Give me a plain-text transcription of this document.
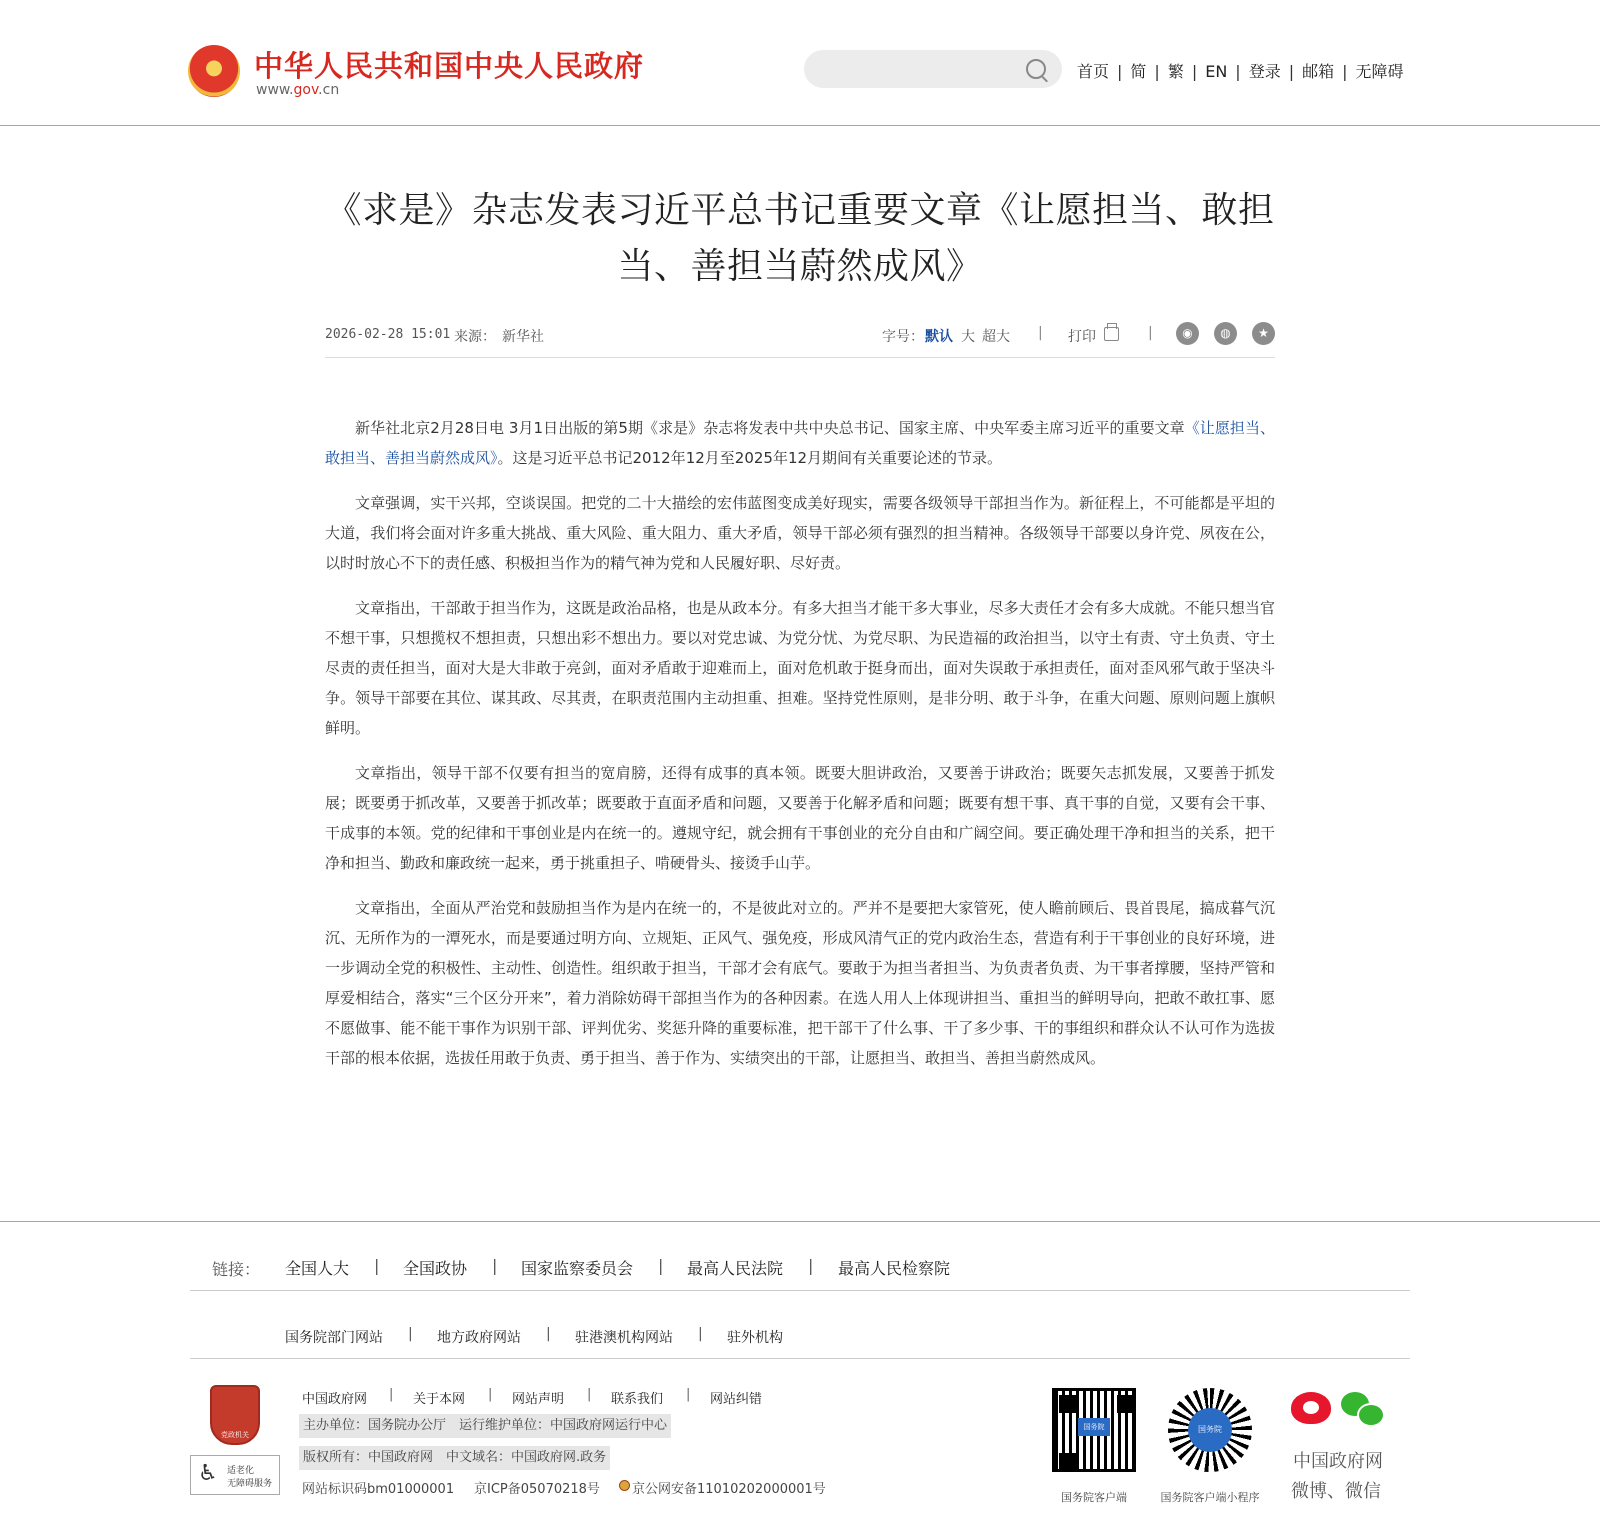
中华人民共和国中央人民政府
www.gov.cn
首页 | 简 | 繁 | EN | 登录 | 邮箱 | 无障碍
《求是》杂志发表习近平总书记重要文章《让愿担当、敢担当、善担当蔚然成风》
2026-02-28 15:01 来源： 新华社	字号： 默认 大 超大 | 打印	|	◉	◍	★

新华社北京2月28日电 3月1日出版的第5期《求是》杂志将发表中共中央总书记、国家主席、中央军委主席习近平的重要文章《让愿担当、敢担当、善担当蔚然成风》。这是习近平总书记2012年12月至2025年12月期间有关重要论述的节录。

文章强调，实干兴邦，空谈误国。把党的二十大描绘的宏伟蓝图变成美好现实，需要各级领导干部担当作为。新征程上，不可能都是平坦的大道，我们将会面对许多重大挑战、重大风险、重大阻力、重大矛盾，领导干部必须有强烈的担当精神。各级领导干部要以身许党、夙夜在公，以时时放心不下的责任感、积极担当作为的精气神为党和人民履好职、尽好责。

文章指出，干部敢于担当作为，这既是政治品格，也是从政本分。有多大担当才能干多大事业，尽多大责任才会有多大成就。不能只想当官不想干事，只想揽权不想担责，只想出彩不想出力。要以对党忠诚、为党分忧、为党尽职、为民造福的政治担当，以守土有责、守土负责、守土尽责的责任担当，面对大是大非敢于亮剑，面对矛盾敢于迎难而上，面对危机敢于挺身而出，面对失误敢于承担责任，面对歪风邪气敢于坚决斗争。领导干部要在其位、谋其政、尽其责，在职责范围内主动担重、担难。坚持党性原则，是非分明、敢于斗争，在重大问题、原则问题上旗帜鲜明。

文章指出，领导干部不仅要有担当的宽肩膀，还得有成事的真本领。既要大胆讲政治，又要善于讲政治；既要矢志抓发展，又要善于抓发展；既要勇于抓改革，又要善于抓改革；既要敢于直面矛盾和问题，又要善于化解矛盾和问题；既要有想干事、真干事的自觉，又要有会干事、干成事的本领。党的纪律和干事创业是内在统一的。遵规守纪，就会拥有干事创业的充分自由和广阔空间。要正确处理干净和担当的关系，把干净和担当、勤政和廉政统一起来，勇于挑重担子、啃硬骨头、接烫手山芋。

文章指出，全面从严治党和鼓励担当作为是内在统一的，不是彼此对立的。严并不是要把大家管死，使人瞻前顾后、畏首畏尾，搞成暮气沉沉、无所作为的一潭死水，而是要通过明方向、立规矩、正风气、强免疫，形成风清气正的党内政治生态，营造有利于干事创业的良好环境，进一步调动全党的积极性、主动性、创造性。组织敢于担当，干部才会有底气。要敢于为担当者担当、为负责者负责、为干事者撑腰，坚持严管和厚爱相结合，落实“三个区分开来”，着力消除妨碍干部担当作为的各种因素。在选人用人上体现讲担当、重担当的鲜明导向，把敢不敢扛事、愿不愿做事、能不能干事作为识别干部、评判优劣、奖惩升降的重要标准，把干部干了什么事、干了多少事、干的事组织和群众认不认可作为选拔干部的根本依据，选拔任用敢于负责、勇于担当、善于作为、实绩突出的干部，让愿担当、敢担当、善担当蔚然成风。

链接： 全国人大 | 全国政协 | 国家监察委员会 | 最高人民法院 | 最高人民检察院
国务院部门网站 | 地方政府网站 | 驻港澳机构网站 | 驻外机构
党政机关
♿ 适老化
无障碍服务
中国政府网 | 关于本网 | 网站声明 | 联系我们 | 网站纠错
主办单位：国务院办公厅　运行维护单位：中国政府网运行中心
版权所有：中国政府网　中文域名：中国政府网.政务
网站标识码bm01000001 京ICP备05070218号 京公网安备11010202000001号
国务院	国务院
国务院客户端	国务院客户端小程序
中国政府网
微博、微信
